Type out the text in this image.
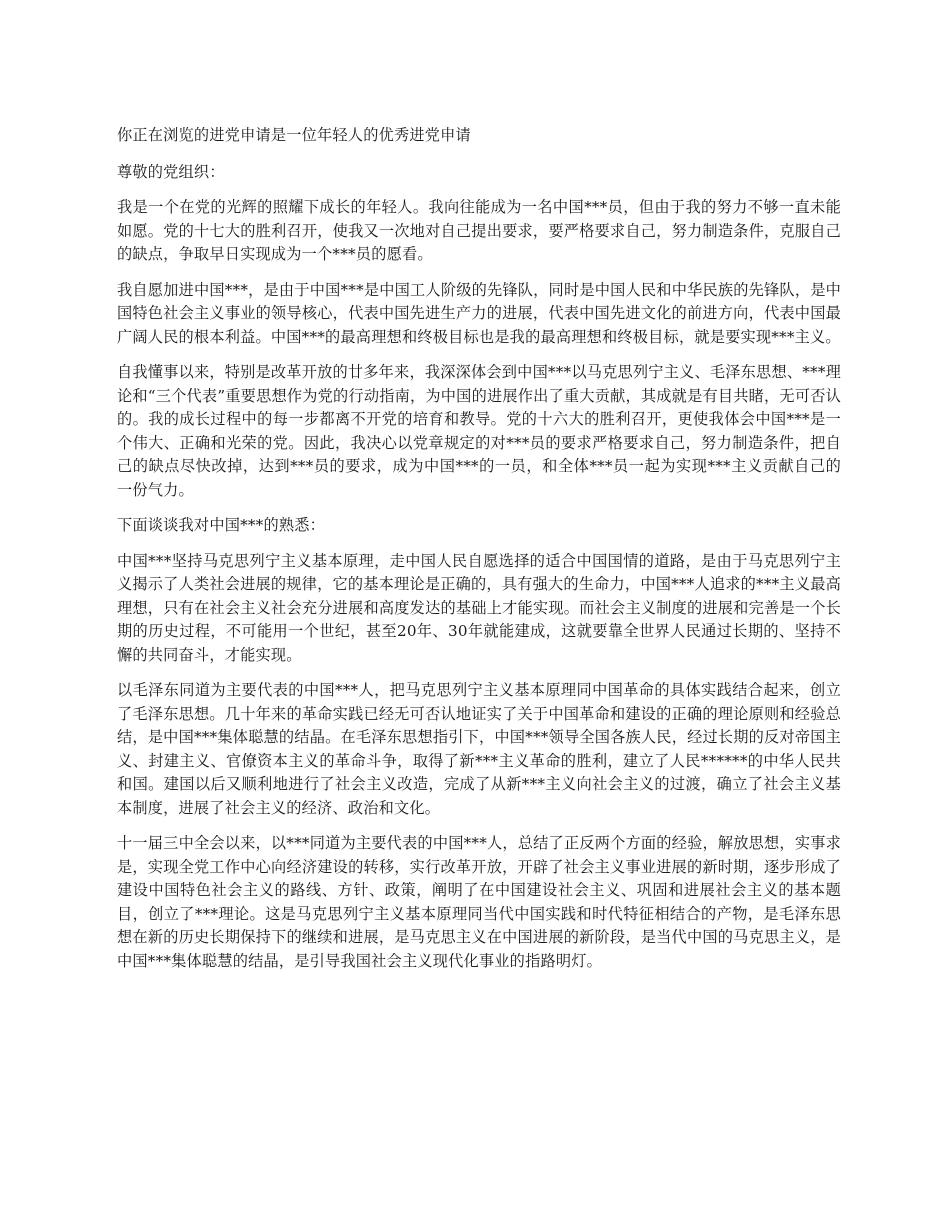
你正在浏览的进党申请是一位年轻人的优秀进党申请

尊敬的党组织：

我是一个在党的光辉的照耀下成长的年轻人。我向往能成为一名中国***员，但由于我的努力不够一直未能如愿。党的十七大的胜利召开，使我又一次地对自己提出要求，要严格要求自己，努力制造条件，克服自己的缺点，争取早日实现成为一个***员的愿看。

我自愿加进中国***，是由于中国***是中国工人阶级的先锋队，同时是中国人民和中华民族的先锋队，是中国特色社会主义事业的领导核心，代表中国先进生产力的进展，代表中国先进文化的前进方向，代表中国最广阔人民的根本利益。中国***的最高理想和终极目标也是我的最高理想和终极目标，就是要实现***主义。

自我懂事以来，特别是改革开放的廿多年来，我深深体会到中国***以马克思列宁主义、毛泽东思想、***理论和“三个代表”重要思想作为党的行动指南，为中国的进展作出了重大贡献，其成就是有目共睹，无可否认的。我的成长过程中的每一步都离不开党的培育和教导。党的十六大的胜利召开，更使我体会中国***是一个伟大、正确和光荣的党。因此，我决心以党章规定的对***员的要求严格要求自己，努力制造条件，把自己的缺点尽快改掉，达到***员的要求，成为中国***的一员，和全体***员一起为实现***主义贡献自己的一份气力。

下面谈谈我对中国***的熟悉：

中国***坚持马克思列宁主义基本原理，走中国人民自愿选择的适合中国国情的道路，是由于马克思列宁主义揭示了人类社会进展的规律，它的基本理论是正确的，具有强大的生命力，中国***人追求的***主义最高理想，只有在社会主义社会充分进展和高度发达的基础上才能实现。而社会主义制度的进展和完善是一个长期的历史过程，不可能用一个世纪，甚至20年、30年就能建成，这就要靠全世界人民通过长期的、坚持不懈的共同奋斗，才能实现。

以毛泽东同道为主要代表的中国***人，把马克思列宁主义基本原理同中国革命的具体实践结合起来，创立了毛泽东思想。几十年来的革命实践已经无可否认地证实了关于中国革命和建设的正确的理论原则和经验总结，是中国***集体聪慧的结晶。在毛泽东思想指引下，中国***领导全国各族人民，经过长期的反对帝国主义、封建主义、官僚资本主义的革命斗争，取得了新***主义革命的胜利，建立了人民******的中华人民共和国。建国以后又顺利地进行了社会主义改造，完成了从新***主义向社会主义的过渡，确立了社会主义基本制度，进展了社会主义的经济、政治和文化。

十一届三中全会以来，以***同道为主要代表的中国***人，总结了正反两个方面的经验，解放思想，实事求是，实现全党工作中心向经济建设的转移，实行改革开放，开辟了社会主义事业进展的新时期，逐步形成了建设中国特色社会主义的路线、方针、政策，阐明了在中国建设社会主义、巩固和进展社会主义的基本题目，创立了***理论。这是马克思列宁主义基本原理同当代中国实践和时代特征相结合的产物，是毛泽东思想在新的历史长期保持下的继续和进展，是马克思主义在中国进展的新阶段，是当代中国的马克思主义，是中国***集体聪慧的结晶，是引导我国社会主义现代化事业的指路明灯。
